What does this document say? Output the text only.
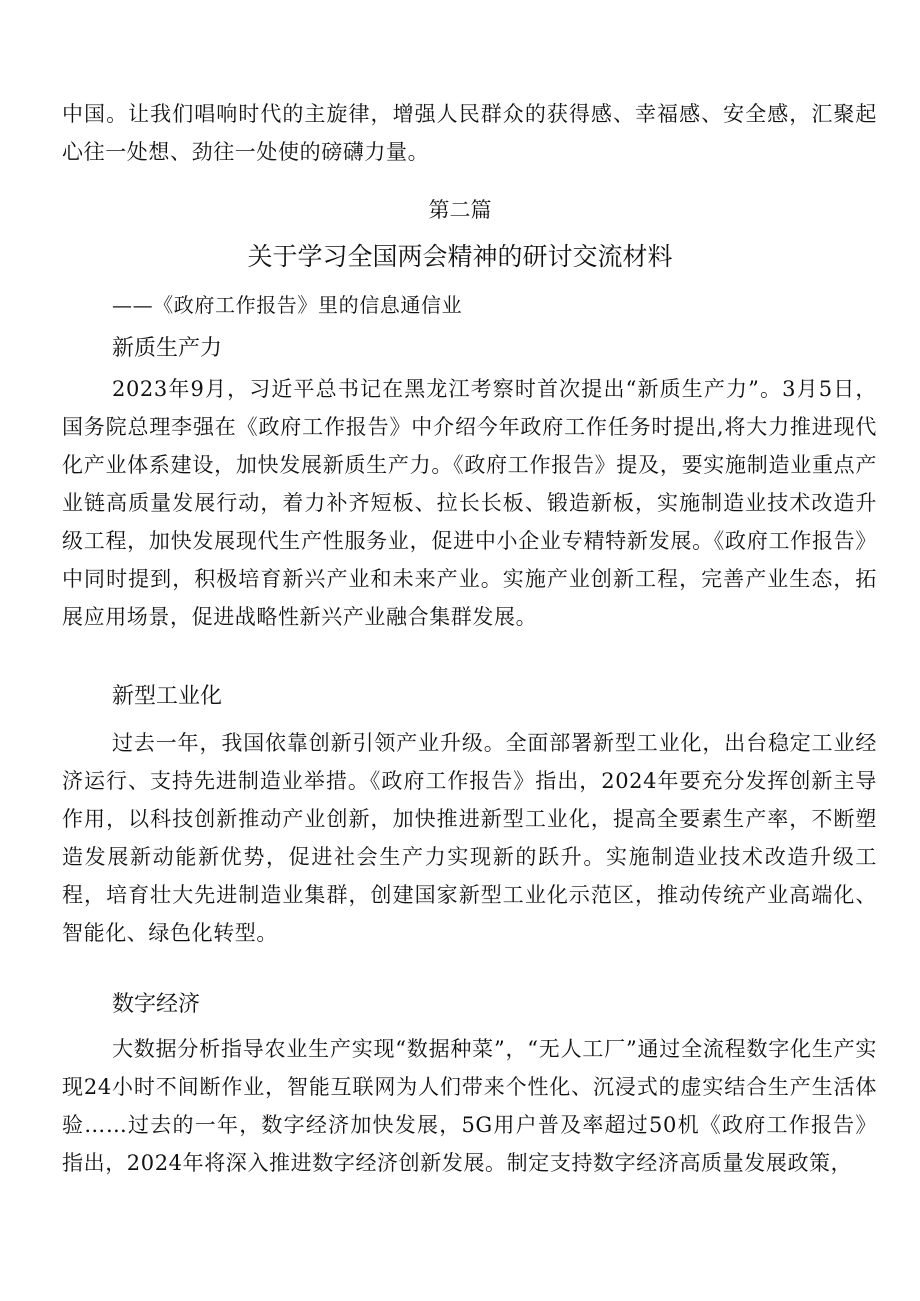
中国。让我们唱响时代的主旋律，增强人民群众的获得感、幸福感、安全感，汇聚起心往一处想、劲往一处使的磅礴力量。

第二篇

关于学习全国两会精神的研讨交流材料

——《政府工作报告》里的信息通信业

新质生产力

2023年9月，习近平总书记在黑龙江考察时首次提出“新质生产力”。3月5日，国务院总理李强在《政府工作报告》中介绍今年政府工作任务时提出,将大力推进现代化产业体系建设，加快发展新质生产力。《政府工作报告》提及，要实施制造业重点产业链高质量发展行动，着力补齐短板、拉长长板、锻造新板，实施制造业技术改造升级工程，加快发展现代生产性服务业，促进中小企业专精特新发展。《政府工作报告》中同时提到，积极培育新兴产业和未来产业。实施产业创新工程，完善产业生态，拓展应用场景，促进战略性新兴产业融合集群发展。

新型工业化

过去一年，我国依靠创新引领产业升级。全面部署新型工业化，出台稳定工业经济运行、支持先进制造业举措。《政府工作报告》指出，2024年要充分发挥创新主导作用，以科技创新推动产业创新，加快推进新型工业化，提高全要素生产率，不断塑造发展新动能新优势，促进社会生产力实现新的跃升。实施制造业技术改造升级工程，培育壮大先进制造业集群，创建国家新型工业化示范区，推动传统产业高端化、智能化、绿色化转型。

数字经济

大数据分析指导农业生产实现“数据种菜”，“无人工厂”通过全流程数字化生产实现24小时不间断作业，智能互联网为人们带来个性化、沉浸式的虚实结合生产生活体验……过去的一年，数字经济加快发展，5G用户普及率超过50机《政府工作报告》指出，2024年将深入推进数字经济创新发展。制定支持数字经济高质量发展政策，
